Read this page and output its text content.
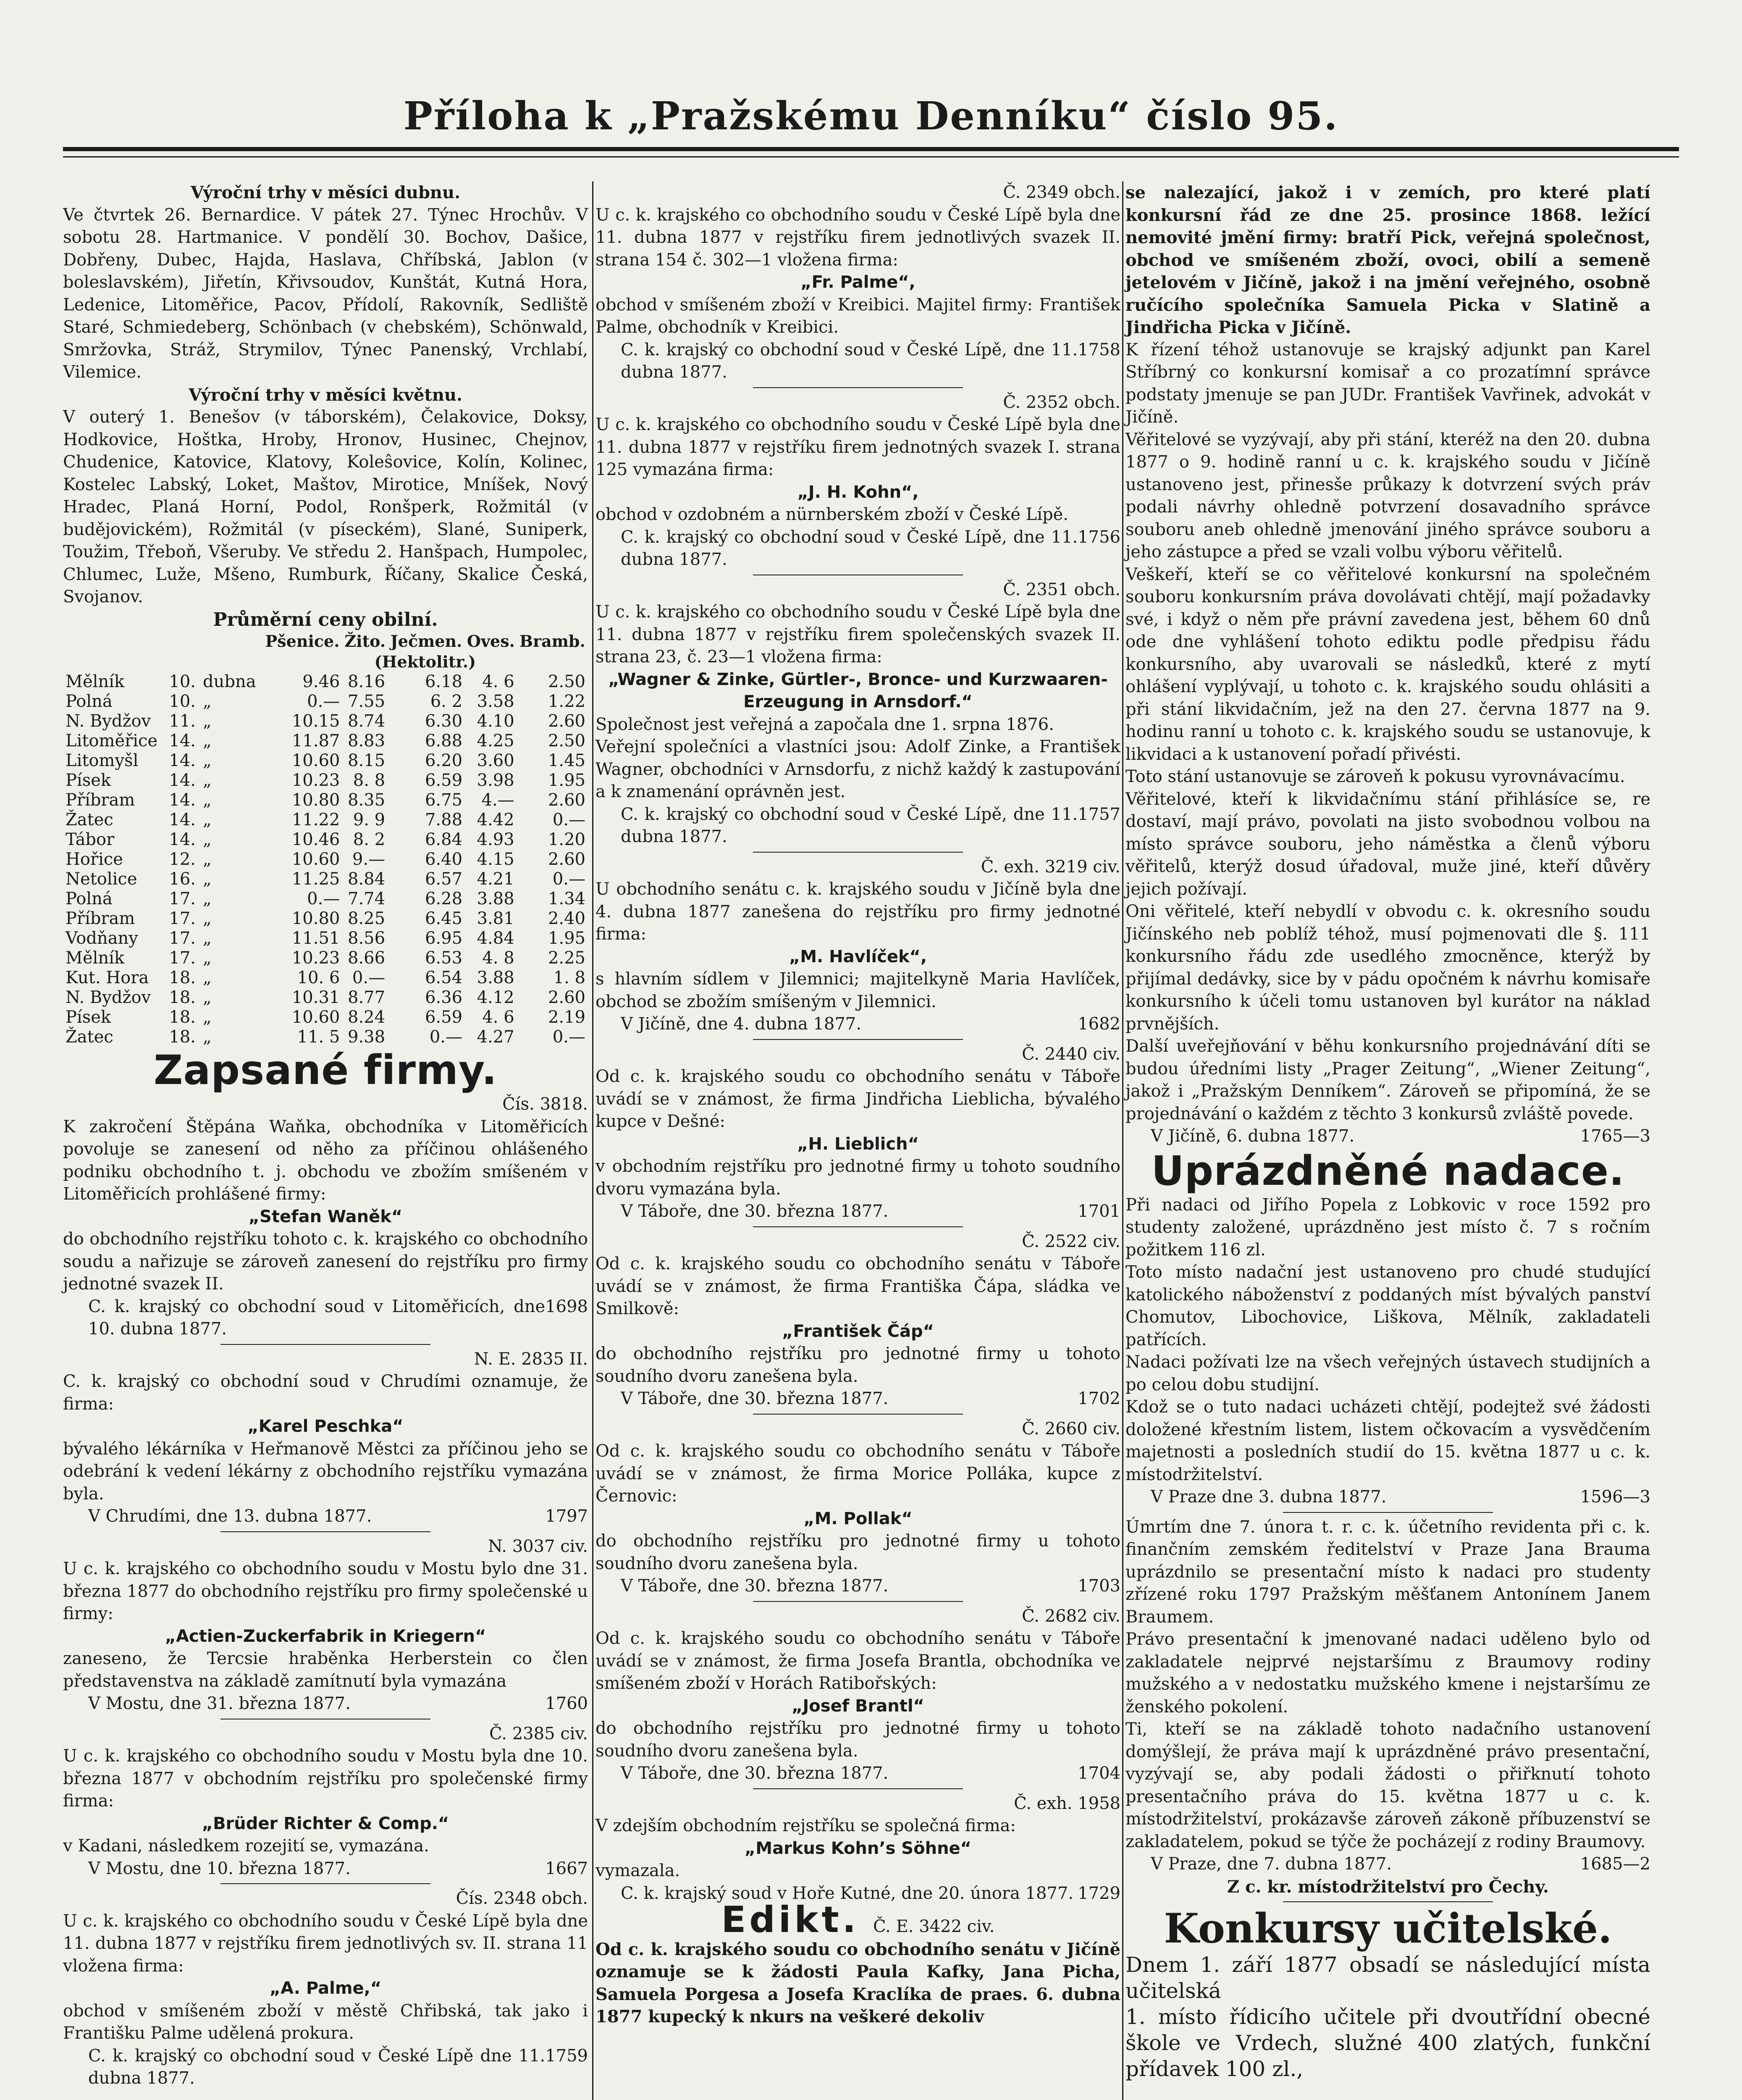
Příloha k „Pražskému Denníku“ číslo 95.

Výroční trhy v měsíci dubnu.

Ve čtvrtek 26. Bernardice. V pátek 27. Týnec Hrochův. V sobotu 28. Hartmanice. V pondělí 30. Bochov, Dašice, Dobřeny, Dubec, Hajda, Haslava, Chříbská, Jablon (v boleslavském), Jiřetín, Křivsoudov, Kunštát, Kutná Hora, Ledenice, Litoměřice, Pacov, Přídolí, Rakovník, Sedliště Staré, Schmiedeberg, Schönbach (v chebském), Schönwald, Smržovka, Stráž, Strymilov, Týnec Panenský, Vrchlabí, Vilemice.

Výroční trhy v měsíci květnu.

V outerý 1. Benešov (v táborském), Čelakovice, Doksy, Hodkovice, Hoštka, Hroby, Hronov, Husinec, Chejnov, Chudenice, Katovice, Klatovy, Koleŝovice, Kolín, Kolinec, Kostelec Labský, Loket, Maštov, Mirotice, Mníšek, Nový Hradec, Planá Horní, Podol, Ronšperk, Rožmitál (v budějovickém), Rožmitál (v píseckém), Slané, Suniperk, Toužim, Třeboň, Všeruby. Ve středu 2. Hanšpach, Humpolec, Chlumec, Luže, Mšeno, Rumburk, Říčany, Skalice Česká, Svojanov.

Průměrní ceny obilní.

			Pšenice.	Žito.	Ječmen.	Oves.	Bramb.
			(Hektolitr.)				
Mělník	10.	dubna	9.46	8.16	6.18	4. 6	2.50
Polná	10.	„	0.—	7.55	6. 2	3.58	1.22
N. Bydžov	11.	„	10.15	8.74	6.30	4.10	2.60
Litoměřice	14.	„	11.87	8.83	6.88	4.25	2.50
Litomyšl	14.	„	10.60	8.15	6.20	3.60	1.45
Písek	14.	„	10.23	8. 8	6.59	3.98	1.95
Příbram	14.	„	10.80	8.35	6.75	4.—	2.60
Žatec	14.	„	11.22	9. 9	7.88	4.42	0.—
Tábor	14.	„	10.46	8. 2	6.84	4.93	1.20
Hořice	12.	„	10.60	9.—	6.40	4.15	2.60
Netolice	16.	„	11.25	8.84	6.57	4.21	0.—
Polná	17.	„	0.—	7.74	6.28	3.88	1.34
Příbram	17.	„	10.80	8.25	6.45	3.81	2.40
Vodňany	17.	„	11.51	8.56	6.95	4.84	1.95
Mělník	17.	„	10.23	8.66	6.53	4. 8	2.25
Kut. Hora	18.	„	10. 6	0.—	6.54	3.88	1. 8
N. Bydžov	18.	„	10.31	8.77	6.36	4.12	2.60
Písek	18.	„	10.60	8.24	6.59	4. 6	2.19
Žatec	18.	„	11. 5	9.38	0.—	4.27	0.—

Zapsané firmy.

Čís. 3818.

K zakročení Štěpána Waňka, obchodníka v Litoměřicích povoluje se zanesení od něho za příčinou ohlášeného podniku obchodního t. j. obchodu ve zbožím smíšeném v Litoměřicích prohlášené firmy:

„Stefan Waněk“

do obchodního rejstříku tohoto c. k. krajského co obchodního soudu a nařizuje se zároveň zanesení do rejstříku pro firmy jednotné svazek II.

C. k. krajský co obchodní soud v Litoměřicích, dne 10. dubna 1877.
1698

N. E. 2835 II.

C. k. krajský co obchodní soud v Chrudími oznamuje, že firma:

„Karel Peschka“

bývalého lékárníka v Heřmanově Městci za příčinou jeho se odebrání k vedení lékárny z obchodního rejstříku vymazána byla.

V Chrudími, dne 13. dubna 1877.	1797

N. 3037 civ.

U c. k. krajského co obchodního soudu v Mostu bylo dne 31. března 1877 do obchodního rejstříku pro firmy společenské u firmy:

„Actien-Zuckerfabrik in Kriegern“

zaneseno, že Tercsie hraběnka Herberstein co člen představenstva na základě zamítnutí byla vymazána

V Mostu, dne 31. března 1877.	1760

Č. 2385 civ.

U c. k. krajského co obchodního soudu v Mostu byla dne 10. března 1877 v obchodním rejstříku pro společenské firmy firma:

„Brüder Richter & Comp.“

v Kadani, následkem rozejití se, vymazána.

V Mostu, dne 10. března 1877.	1667

Čís. 2348 obch.

U c. k. krajského co obchodního soudu v České Lípě byla dne 11. dubna 1877 v rejstříku firem jednotlivých sv. II. strana 11 vložena firma:

„A. Palme,“

obchod v smíšeném zboží v městě Chřibská, tak jako i Františku Palme udělená prokura.

C. k. krajský co obchodní soud v České Lípě dne 11. dubna 1877.
1759

Č. 2349 obch.

U c. k. krajského co obchodního soudu v České Lípě byla dne 11. dubna 1877 v rejstříku firem jednotlivých svazek II. strana 154 č. 302—1 vložena firma:

„Fr. Palme“,

obchod v smíšeném zboží v Kreibici. Majitel firmy: František Palme, obchodník v Kreibici.

C. k. krajský co obchodní soud v České Lípě, dne 11. dubna 1877.
1758

Č. 2352 obch.

U c. k. krajského co obchodního soudu v České Lípě byla dne 11. dubna 1877 v rejstříku firem jednotných svazek I. strana 125 vymazána firma:

„J. H. Kohn“,

obchod v ozdobném a nürnberském zboží v České Lípě.

C. k. krajský co obchodní soud v České Lípě, dne 11. dubna 1877.
1756

Č. 2351 obch.

U c. k. krajského co obchodního soudu v České Lípě byla dne 11. dubna 1877 v rejstříku firem společenských svazek II. strana 23, č. 23—1 vložena firma:

„Wagner & Zinke, Gürtler-, Bronce- und Kurzwaaren-Erzeugung in Arnsdorf.“

Společnost jest veřejná a započala dne 1. srpna 1876.

Veřejní společníci a vlastníci jsou: Adolf Zinke, a František Wagner, obchodníci v Arnsdorfu, z nichž každý k zastupování a k znamenání oprávněn jest.

C. k. krajský co obchodní soud v České Lípě, dne 11. dubna 1877.
1757

Č. exh. 3219 civ.

U obchodního senátu c. k. krajského soudu v Jičíně byla dne 4. dubna 1877 zanešena do rejstříku pro firmy jednotné firma:

„M. Havlíček“,

s hlavním sídlem v Jilemnici; majitelkyně Maria Havlíček, obchod se zbožím smíšeným v Jilemnici.

V Jičíně, dne 4. dubna 1877.	1682

Č. 2440 civ.

Od c. k. krajského soudu co obchodního senátu v Táboře uvádí se v známost, že firma Jindřicha Lieblicha, bývalého kupce v Dešné:

„H. Lieblich“

v obchodním rejstříku pro jednotné firmy u tohoto soudního dvoru vymazána byla.

V Táboře, dne 30. března 1877.	1701

Č. 2522 civ.

Od c. k. krajského soudu co obchodního senátu v Táboře uvádí se v známost, že firma Františka Čápa, sládka ve Smilkově:

„František Čáp“

do obchodního rejstříku pro jednotné firmy u tohoto soudního dvoru zanešena byla.

V Táboře, dne 30. března 1877.	1702

Č. 2660 civ.

Od c. k. krajského soudu co obchodního senátu v Táboře uvádí se v známost, že firma Morice Polláka, kupce z Černovic:

„M. Pollak“

do obchodního rejstříku pro jednotné firmy u tohoto soudního dvoru zanešena byla.

V Táboře, dne 30. března 1877.	1703

Č. 2682 civ.

Od c. k. krajského soudu co obchodního senátu v Táboře uvádí se v známost, že firma Josefa Brantla, obchodníka ve smíšeném zboží v Horách Ratibořských:

„Josef Brantl“

do obchodního rejstříku pro jednotné firmy u tohoto soudního dvoru zanešena byla.

V Táboře, dne 30. března 1877.	1704

Č. exh. 1958

V zdejším obchodním rejstříku se společná firma:

„Markus Kohn’s Söhne“

vymazala.

C. k. krajský soud v Hoře Kutné, dne 20. února 1877. 1729

Edikt. Č. E. 3422 civ.

Od c. k. krajského soudu co obchodního senátu v Jičíně oznamuje se k žádosti Paula Kafky, Jana Picha, Samuela Porgesa a Josefa Kraclíka de praes. 6. dubna 1877 kupecký k nkurs na veškeré dekoliv

se nalezající, jakož i v zemích, pro které platí konkursní řád ze dne 25. prosince 1868. ležící nemovité jmění firmy: bratří Pick, veřejná společnost, obchod ve smíšeném zboží, ovoci, obilí a semeně jetelovém v Jičíně, jakož i na jmění veřejného, osobně ručícího společníka Samuela Picka v Slatině a Jindřicha Picka v Jičíně.

K řízení téhož ustanovuje se krajský adjunkt pan Karel Stříbrný co konkursní komisař a co prozatímní správce podstaty jmenuje se pan JUDr. František Vavřinek, advokát v Jičíně.

Věřitelové se vyzývají, aby při stání, kteréž na den 20. dubna 1877 o 9. hodině ranní u c. k. krajského soudu v Jičíně ustanoveno jest, přinesše průkazy k dotvrzení svých práv podali návrhy ohledně potvrzení dosavadního správce souboru aneb ohledně jmenování jiného správce souboru a jeho zástupce a před se vzali volbu výboru věřitelů.

Veškeří, kteří se co věřitelové konkursní na společném souboru konkursním práva dovolávati chtějí, mají požadavky své, i když o něm pře právní zavedena jest, během 60 dnů ode dne vyhlášení tohoto ediktu podle předpisu řádu konkursního, aby uvarovali se následků, které z mytí ohlášení vyplývají, u tohoto c. k. krajského soudu ohlásiti a při stání likvidačním, jež na den 27. června 1877 na 9. hodinu ranní u tohoto c. k. krajského soudu se ustanovuje, k likvidaci a k ustanovení pořadí přivésti.

Toto stání ustanovuje se zároveň k pokusu vyrovnávacímu.

Věřitelové, kteří k likvidačnímu stání přihlásíce se, re dostaví, mají právo, povolati na jisto svobodnou volbou na místo správce souboru, jeho náměstka a členů výboru věřitelů, kterýž dosud úřadoval, muže jiné, kteří důvěry jejich požívají.

Oni věřitelé, kteří nebydlí v obvodu c. k. okresního soudu Jičínského neb poblíž téhož, musí pojmenovati dle §. 111 konkursního řádu zde usedlého zmocněnce, kterýž by přijímal dedávky, sice by v pádu opočném k návrhu komisaře konkursního k účeli tomu ustanoven byl kurátor na náklad prvnějších.

Další uveřejňování v běhu konkursního projednávání díti se budou úředními listy „Prager Zeitung“, „Wiener Zeitung“, jakož i „Pražským Denníkem“. Zároveň se připomíná, že se projednávání o každém z těchto 3 konkursů zvláště povede.

V Jičíně, 6. dubna 1877.	1765—3

Uprázdněné nadace.

Při nadaci od Jiřího Popela z Lobkovic v roce 1592 pro studenty založené, uprázdněno jest místo č. 7 s ročním požitkem 116 zl.

Toto místo nadační jest ustanoveno pro chudé studující katolického náboženství z poddaných míst bývalých panství Chomutov, Libochovice, Liškova, Mělník, zakladateli patřících.

Nadaci požívati lze na všech veřejných ústavech studijních a po celou dobu studijní.

Kdož se o tuto nadaci ucházeti chtějí, podejtež své žádosti doložené křestním listem, listem očkovacím a vysvědčením majetnosti a posledních studií do 15. května 1877 u c. k. místodržitelství.

V Praze dne 3. dubna 1877.	1596—3

Úmrtím dne 7. února t. r. c. k. účetního revidenta při c. k. finančním zemském ředitelství v Praze Jana Brauma uprázdnilo se presentační místo k nadaci pro studenty zřízené roku 1797 Pražským měšťanem Antonínem Janem Braumem.

Právo presentační k jmenované nadaci uděleno bylo od zakladatele nejprvé nejstaršímu z Braumovy rodiny mužského a v nedostatku mužského kmene i nejstaršímu ze ženského pokolení.

Ti, kteří se na základě tohoto nadačního ustanovení domýšlejí, že práva mají k uprázdněné právo presentační, vyzývají se, aby podali žádosti o přiřknutí tohoto presentačního práva do 15. května 1877 u c. k. místodržitelství, prokázavše zároveň zákoně příbuzenství se zakladatelem, pokud se týče že pocházejí z rodiny Braumovy.

V Praze, dne 7. dubna 1877.	1685—2

Z c. kr. místodržitelství pro Čechy.

Konkursy učitelské.

Dnem 1. září 1877 obsadí se následující místa učitelská

1. místo řídicího učitele při dvoutřídní obecné škole ve Vrdech, služné 400 zlatých, funkční přídavek 100 zl.,
